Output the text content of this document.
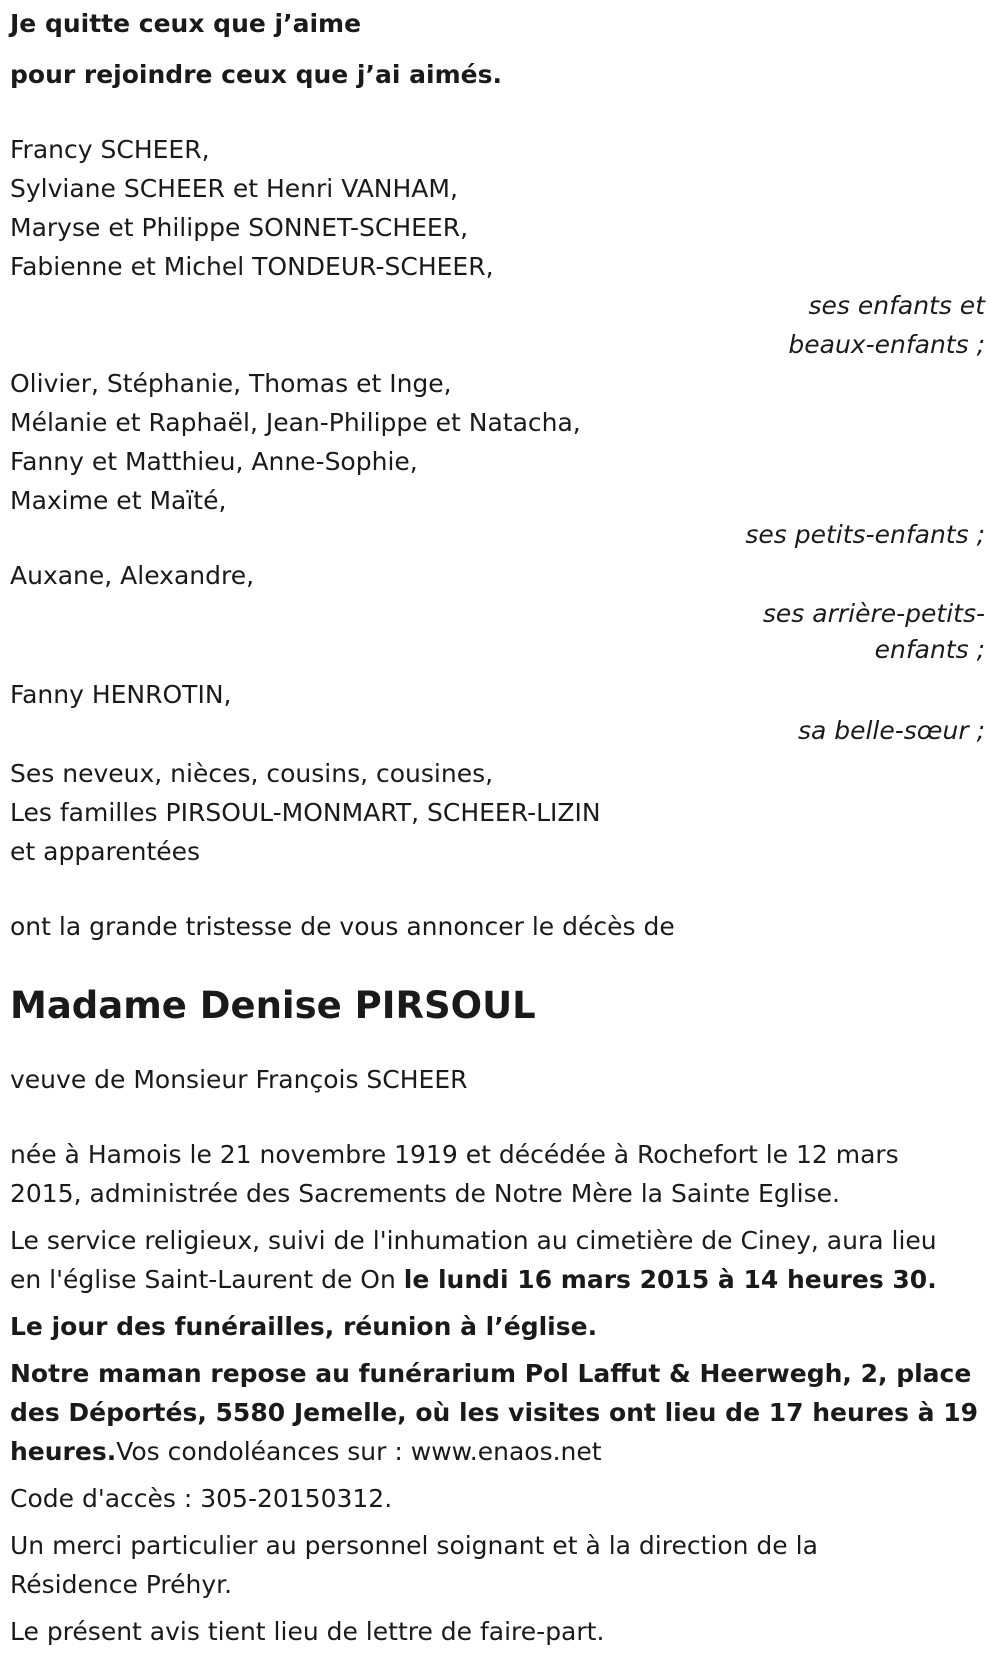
Je quitte ceux que j’aime
pour rejoindre ceux que j’ai aimés.
Francy SCHEER,
Sylviane SCHEER et Henri VANHAM,
Maryse et Philippe SONNET-SCHEER,
Fabienne et Michel TONDEUR-SCHEER,
ses enfants et
beaux-enfants ;
Olivier, Stéphanie, Thomas et Inge,
Mélanie et Raphaël, Jean-Philippe et Natacha,
Fanny et Matthieu, Anne-Sophie,
Maxime et Maïté,
ses petits-enfants ;
Auxane, Alexandre,
ses arrière-petits-
enfants ;
Fanny HENROTIN,
sa belle-sœur ;
Ses neveux, nièces, cousins, cousines,
Les familles PIRSOUL-MONMART, SCHEER-LIZIN
et apparentées
ont la grande tristesse de vous annoncer le décès de
Madame Denise PIRSOUL
veuve de Monsieur François SCHEER
née à Hamois le 21 novembre 1919 et décédée à Rochefort le 12 mars
2015, administrée des Sacrements de Notre Mère la Sainte Eglise.
Le service religieux, suivi de l'inhumation au cimetière de Ciney, aura lieu
en l'église Saint-Laurent de On le lundi 16 mars 2015 à 14 heures 30.
Le jour des funérailles, réunion à l’église.
Notre maman repose au funérarium Pol Laffut & Heerwegh, 2, place
des Déportés, 5580 Jemelle, où les visites ont lieu de 17 heures à 19
heures.Vos condoléances sur : www.enaos.net
Code d'accès : 305-20150312.
Un merci particulier au personnel soignant et à la direction de la
Résidence Préhyr.
Le présent avis tient lieu de lettre de faire-part.
